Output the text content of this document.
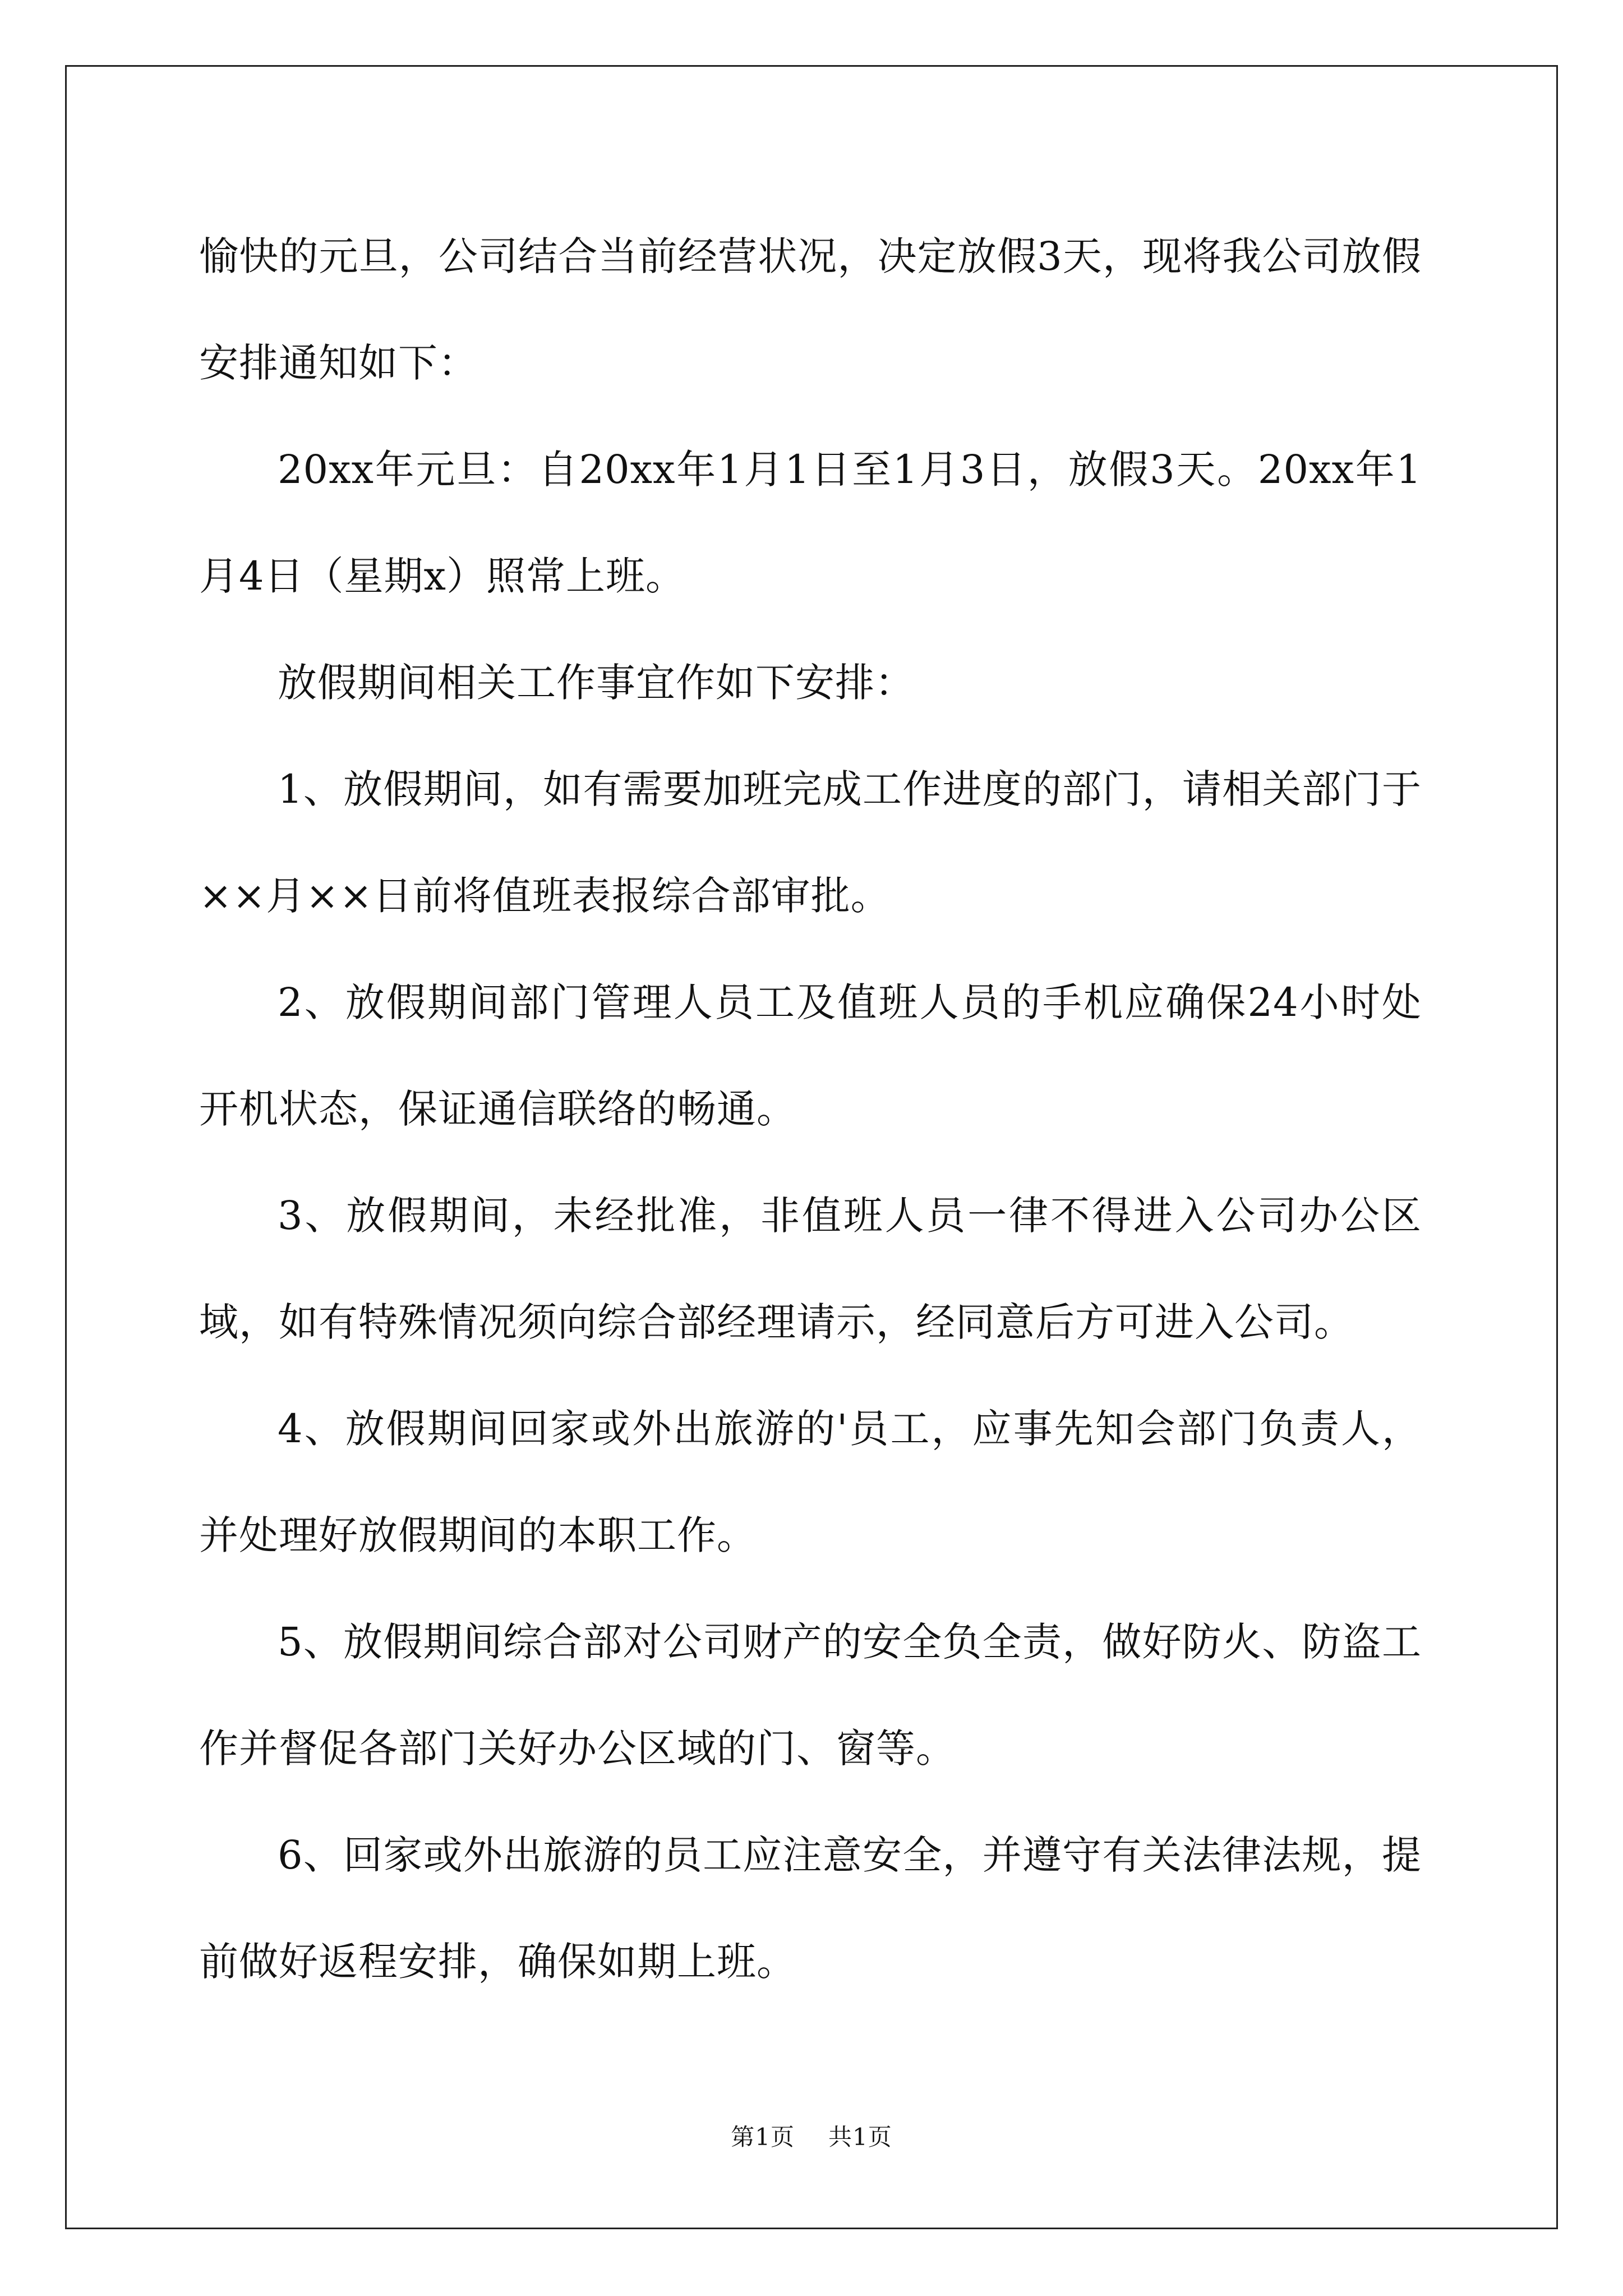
愉快的元旦，公司结合当前经营状况，决定放假3天，现将我公司放假安排通知如下：

20xx年元旦：自20xx年1月1日至1月3日，放假3天。20xx年1月4日（星期x）照常上班。

放假期间相关工作事宜作如下安排：

1、放假期间，如有需要加班完成工作进度的部门，请相关部门于××月××日前将值班表报综合部审批。

2、放假期间部门管理人员工及值班人员的手机应确保24小时处开机状态，保证通信联络的畅通。

3、放假期间，未经批准，非值班人员一律不得进入公司办公区域，如有特殊情况须向综合部经理请示，经同意后方可进入公司。

4、放假期间回家或外出旅游的'员工，应事先知会部门负责人，并处理好放假期间的本职工作。

5、放假期间综合部对公司财产的安全负全责，做好防火、防盗工作并督促各部门关好办公区域的门、窗等。

6、回家或外出旅游的员工应注意安全，并遵守有关法律法规，提前做好返程安排，确保如期上班。

第1页 共1页
